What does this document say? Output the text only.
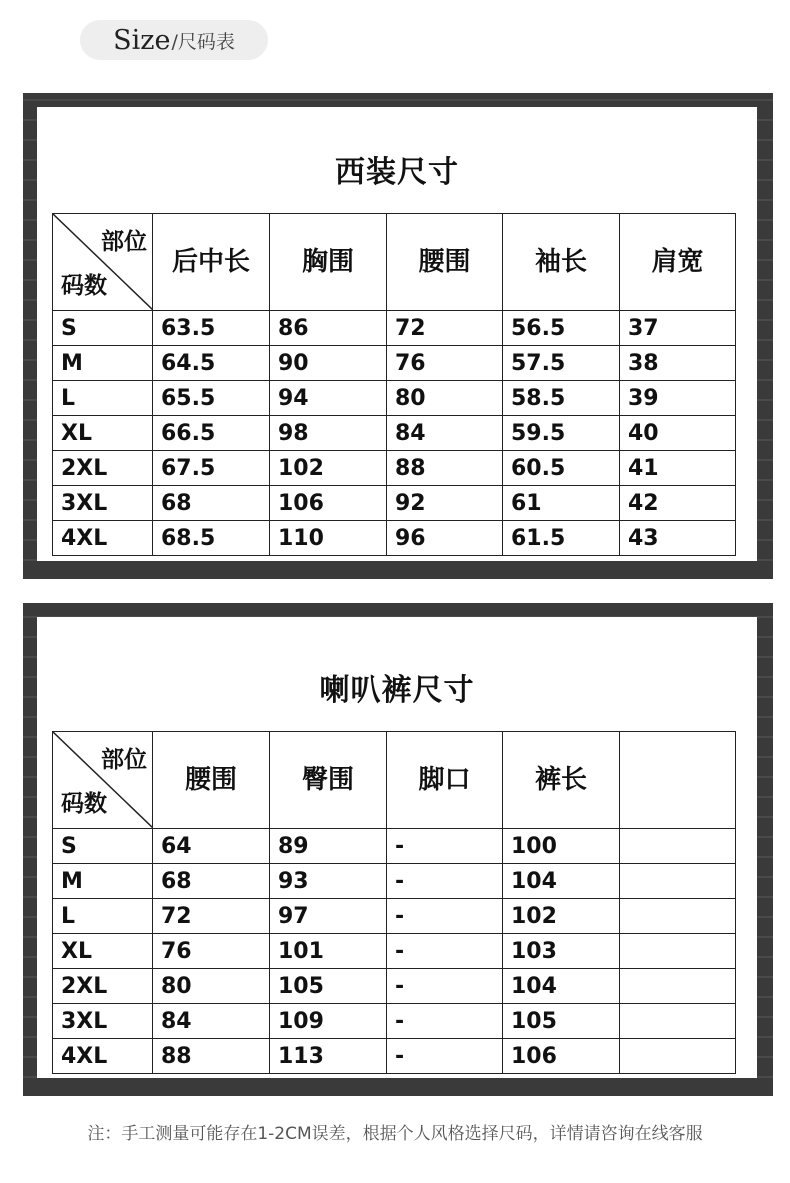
Size /尺码表
西装尺寸
部位
码数	后中长	胸围	腰围	袖长	肩宽
S	63.5	86	72	56.5	37
M	64.5	90	76	57.5	38
L	65.5	94	80	58.5	39
XL	66.5	98	84	59.5	40
2XL	67.5	102	88	60.5	41
3XL	68	106	92	61	42
4XL	68.5	110	96	61.5	43
喇叭裤尺寸
部位
码数	腰围	臀围	脚口	裤长	
S	64	89	-	100	
M	68	93	-	104	
L	72	97	-	102	
XL	76	101	-	103	
2XL	80	105	-	104	
3XL	84	109	-	105	
4XL	88	113	-	106	
注：手工测量可能存在1-2CM误差，根据个人风格选择尺码，详情请咨询在线客服
